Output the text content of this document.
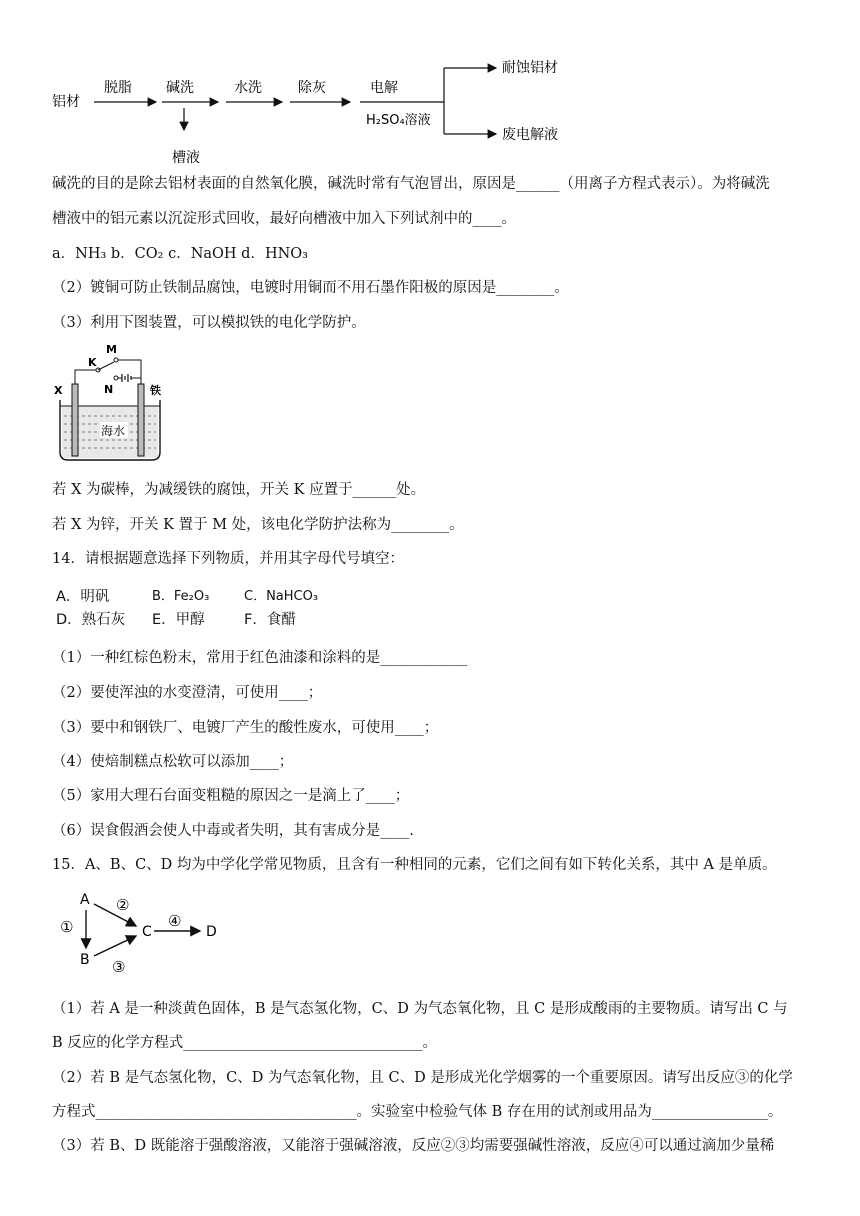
铝材
脱脂 碱洗
槽液
水洗	除灰	电解
H₂SO₄溶液
耐蚀铝材
废电解液
碱洗的目的是除去铝材表面的自然氧化膜，碱洗时常有气泡冒出，原因是______（用离子方程式表示）。为将碱洗
槽液中的铝元素以沉淀形式回收，最好向槽液中加入下列试剂中的____。
a．NH₃ b．CO₂ c．NaOH d．HNO₃
（2）镀铜可防止铁制品腐蚀，电镀时用铜而不用石墨作阳极的原因是________。
（3）利用下图装置，可以模拟铁的电化学防护。
海水
X
K
M
N	铁
若 X 为碳棒，为减缓铁的腐蚀，开关 K 应置于______处。
若 X 为锌，开关 K 置于 M 处，该电化学防护法称为________。
14．请根据题意选择下列物质，并用其字母代号填空：
A．明矾	B．Fe₂O₃	C．NaHCO₃
D．熟石灰 E．甲醇	F．食醋
（1）一种红棕色粉末，常用于红色油漆和涂料的是____________
（2）要使浑浊的水变澄清，可使用____；
（3）要中和钢铁厂、电镀厂产生的酸性废水，可使用____；
（4）使焙制糕点松软可以添加____；
（5）家用大理石台面变粗糙的原因之一是滴上了____；
（6）误食假酒会使人中毒或者失明，其有害成分是____.
15．A、B、C、D 均为中学化学常见物质，且含有一种相同的元素，它们之间有如下转化关系，其中 A 是单质。
A
B
C	D
①
②
③
④
（1）若 A 是一种淡黄色固体，B 是气态氢化物，C、D 为气态氧化物，且 C 是形成酸雨的主要物质。请写出 C 与
B 反应的化学方程式_________________________________。
（2）若 B 是气态氢化物，C、D 为气态氧化物，且 C、D 是形成光化学烟雾的一个重要原因。请写出反应③的化学
方程式____________________________________。实验室中检验气体 B 存在用的试剂或用品为________________。
（3）若 B、D 既能溶于强酸溶液，又能溶于强碱溶液，反应②③均需要强碱性溶液，反应④可以通过滴加少量稀
